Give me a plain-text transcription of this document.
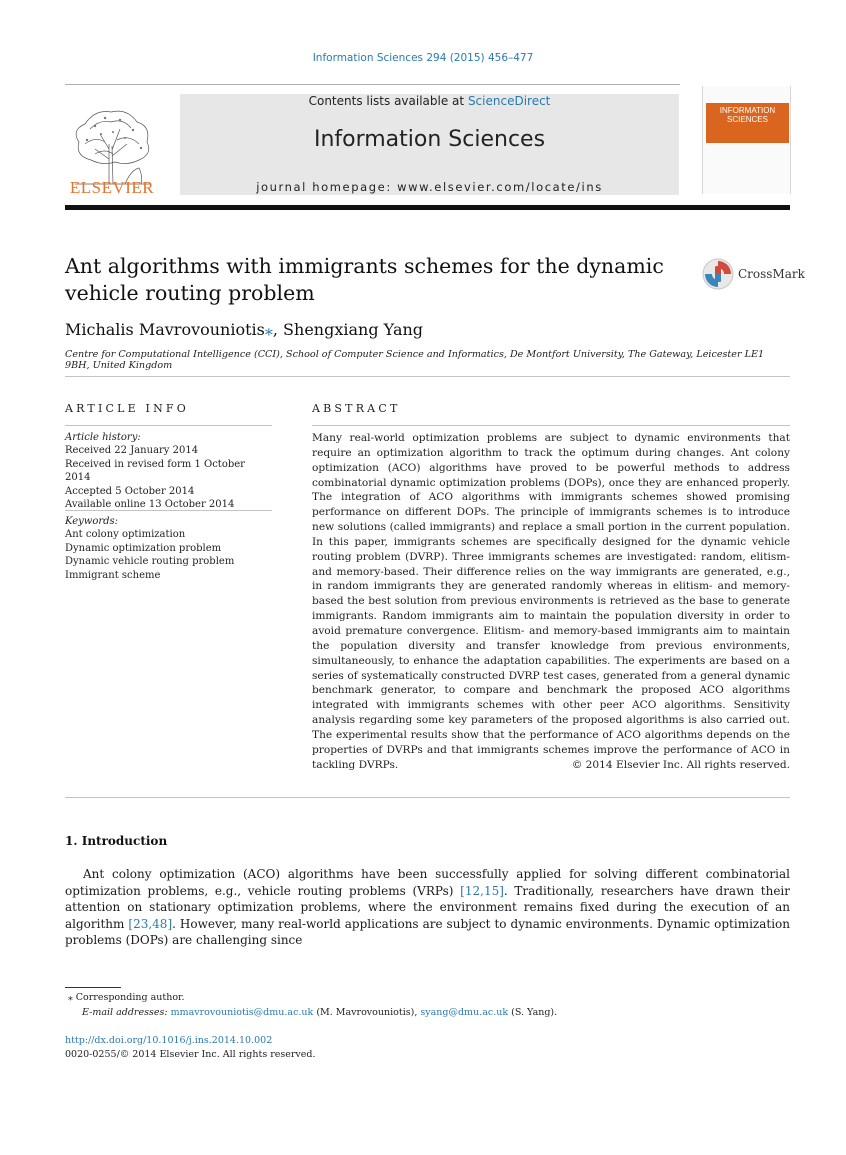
Information Sciences 294 (2015) 456–477
ELSEVIER
Contents lists available at ScienceDirect
Information Sciences
journal homepage: www.elsevier.com/locate/ins
INFORMATION SCIENCES
Ant algorithms with immigrants schemes for the dynamic
vehicle routing problem
CrossMark
Michalis Mavrovouniotis⁎, Shengxiang Yang
Centre for Computational Intelligence (CCI), School of Computer Science and Informatics, De Montfort University, The Gateway, Leicester LE1 9BH, United Kingdom
ARTICLE INFO	ABSTRACT
Article history:
Received 22 January 2014
Received in revised form 1 October 2014
Accepted 5 October 2014
Available online 13 October 2014
Keywords:
Ant colony optimization
Dynamic optimization problem
Dynamic vehicle routing problem
Immigrant scheme
Many real-world optimization problems are subject to dynamic environments that require an optimization algorithm to track the optimum during changes. Ant colony optimization (ACO) algorithms have proved to be powerful methods to address combinatorial dynamic optimization problems (DOPs), once they are enhanced properly. The integration of ACO algorithms with immigrants schemes showed promising performance on different DOPs. The principle of immigrants schemes is to introduce new solutions (called immigrants) and replace a small portion in the current population. In this paper, immigrants schemes are specifically designed for the dynamic vehicle routing problem (DVRP). Three immigrants schemes are investigated: random, elitism- and memory-based. Their difference relies on the way immigrants are generated, e.g., in random immigrants they are generated randomly whereas in elitism- and memory-based the best solution from previous environments is retrieved as the base to generate immigrants. Random immigrants aim to maintain the population diversity in order to avoid premature convergence. Elitism- and memory-based immigrants aim to maintain the population diversity and transfer knowledge from previous environments, simultaneously, to enhance the adaptation capabilities. The experiments are based on a series of systematically constructed DVRP test cases, generated from a general dynamic benchmark generator, to compare and benchmark the proposed ACO algorithms integrated with immigrants schemes with other peer ACO algorithms. Sensitivity analysis regarding some key parameters of the proposed algorithms is also carried out. The experimental results show that the performance of ACO algorithms depends on the properties of DVRPs and that immigrants schemes improve the performance of ACO in tackling DVRPs.	© 2014 Elsevier Inc. All rights reserved.
1. Introduction
Ant colony optimization (ACO) algorithms have been successfully applied for solving different combinatorial optimization problems, e.g., vehicle routing problems (VRPs) [12,15]. Traditionally, researchers have drawn their attention on stationary optimization problems, where the environment remains fixed during the execution of an algorithm [23,48]. However, many real-world applications are subject to dynamic environments. Dynamic optimization problems (DOPs) are challenging since
⁎ Corresponding author.
E-mail addresses: mmavrovouniotis@dmu.ac.uk (M. Mavrovouniotis), syang@dmu.ac.uk (S. Yang).
http://dx.doi.org/10.1016/j.ins.2014.10.002
0020-0255/© 2014 Elsevier Inc. All rights reserved.
